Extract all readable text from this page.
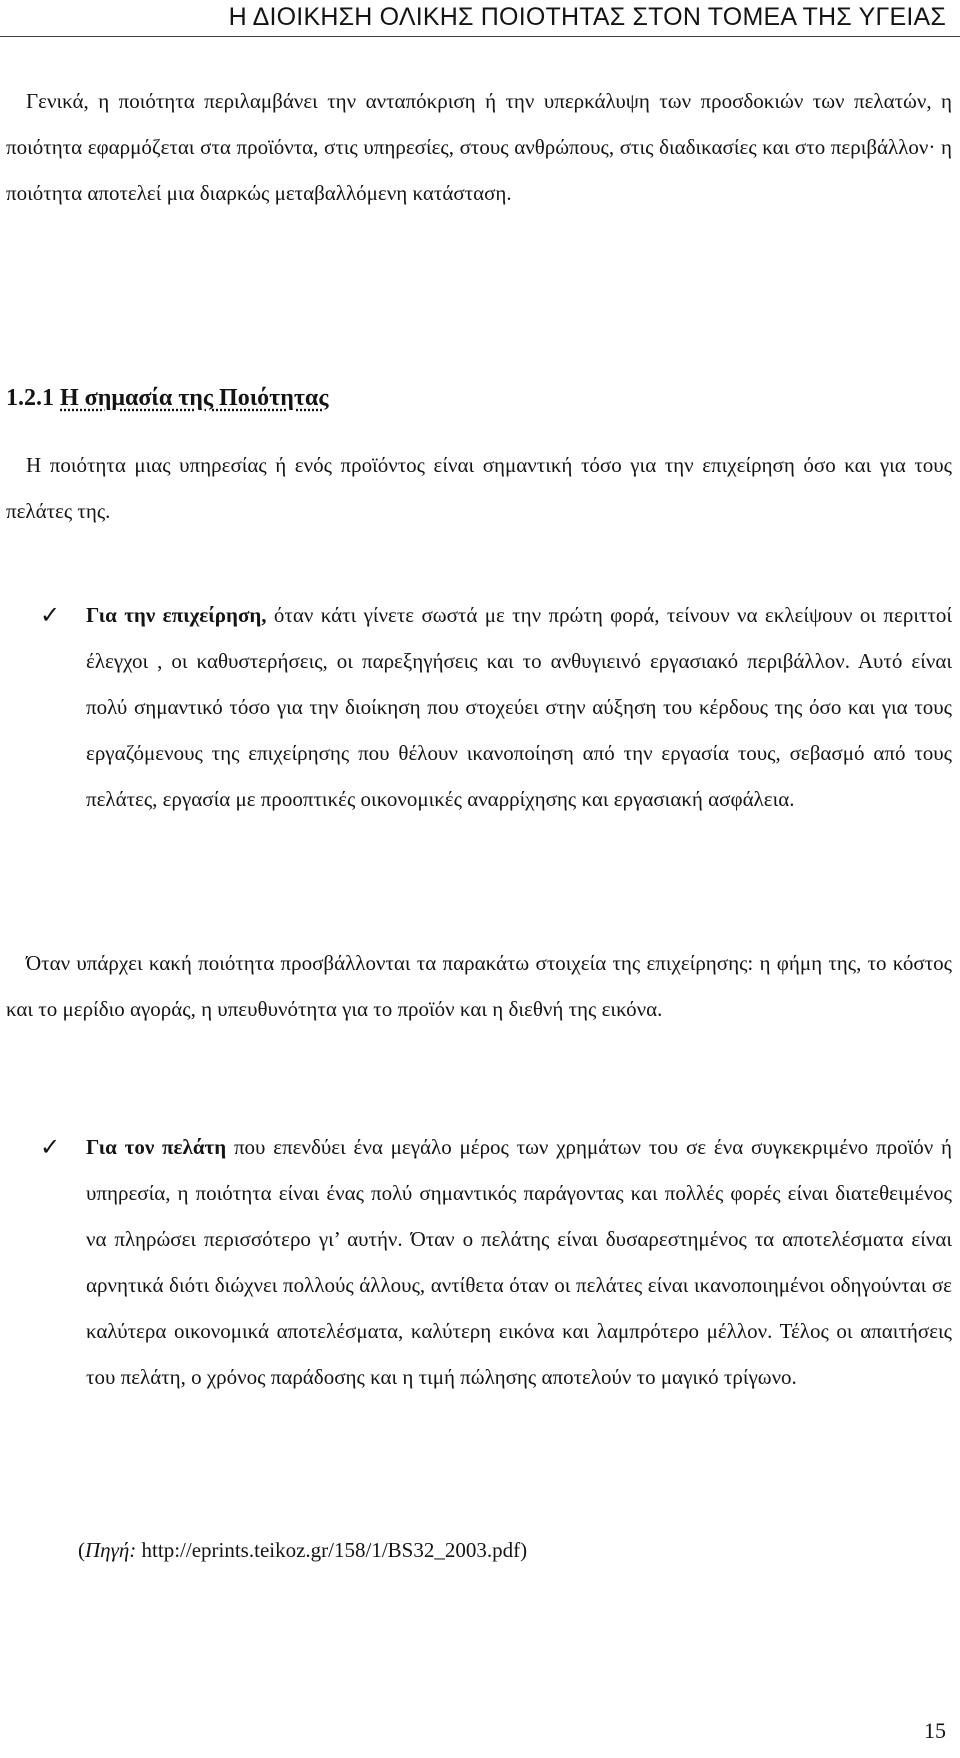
Η ΔΙΟΙΚΗΣΗ ΟΛΙΚΗΣ ΠΟΙΟΤΗΤΑΣ ΣΤΟΝ ΤΟΜΕΑ ΤΗΣ ΥΓΕΙΑΣ

Γενικά, η ποιότητα περιλαμβάνει την ανταπόκριση ή την υπερκάλυψη των προσδοκιών των πελατών, η ποιότητα εφαρμόζεται στα προϊόντα, στις υπηρεσίες, στους ανθρώπους, στις διαδικασίες και στο περιβάλλον· η ποιότητα αποτελεί μια διαρκώς μεταβαλλόμενη κατάσταση.

1.2.1 Η σημασία της Ποιότητας

Η ποιότητα μιας υπηρεσίας ή ενός προϊόντος είναι σημαντική τόσο για την επιχείρηση όσο και για τους πελάτες της.

✓ Για την επιχείρηση, όταν κάτι γίνετε σωστά με την πρώτη φορά, τείνουν να εκλείψουν οι περιττοί έλεγχοι , οι καθυστερήσεις, οι παρεξηγήσεις και το ανθυγιεινό εργασιακό περιβάλλον. Αυτό είναι πολύ σημαντικό τόσο για την διοίκηση που στοχεύει στην αύξηση του κέρδους της όσο και για τους εργαζόμενους της επιχείρησης που θέλουν ικανοποίηση από την εργασία τους, σεβασμό από τους πελάτες, εργασία με προοπτικές οικονομικές αναρρίχησης και εργασιακή ασφάλεια.

Όταν υπάρχει κακή ποιότητα προσβάλλονται τα παρακάτω στοιχεία της επιχείρησης: η φήμη της, το κόστος και το μερίδιο αγοράς, η υπευθυνότητα για το προϊόν και η διεθνή της εικόνα.

✓ Για τον πελάτη που επενδύει ένα μεγάλο μέρος των χρημάτων του σε ένα συγκεκριμένο προϊόν ή υπηρεσία, η ποιότητα είναι ένας πολύ σημαντικός παράγοντας και πολλές φορές είναι διατεθειμένος να πληρώσει περισσότερο γι’ αυτήν. Όταν ο πελάτης είναι δυσαρεστημένος τα αποτελέσματα είναι αρνητικά διότι διώχνει πολλούς άλλους, αντίθετα όταν οι πελάτες είναι ικανοποιημένοι οδηγούνται σε καλύτερα οικονομικά αποτελέσματα, καλύτερη εικόνα και λαμπρότερο μέλλον. Τέλος οι απαιτήσεις του πελάτη, ο χρόνος παράδοσης και η τιμή πώλησης αποτελούν το μαγικό τρίγωνο.

(Πηγή: http://eprints.teikoz.gr/158/1/BS32_2003.pdf)

15
